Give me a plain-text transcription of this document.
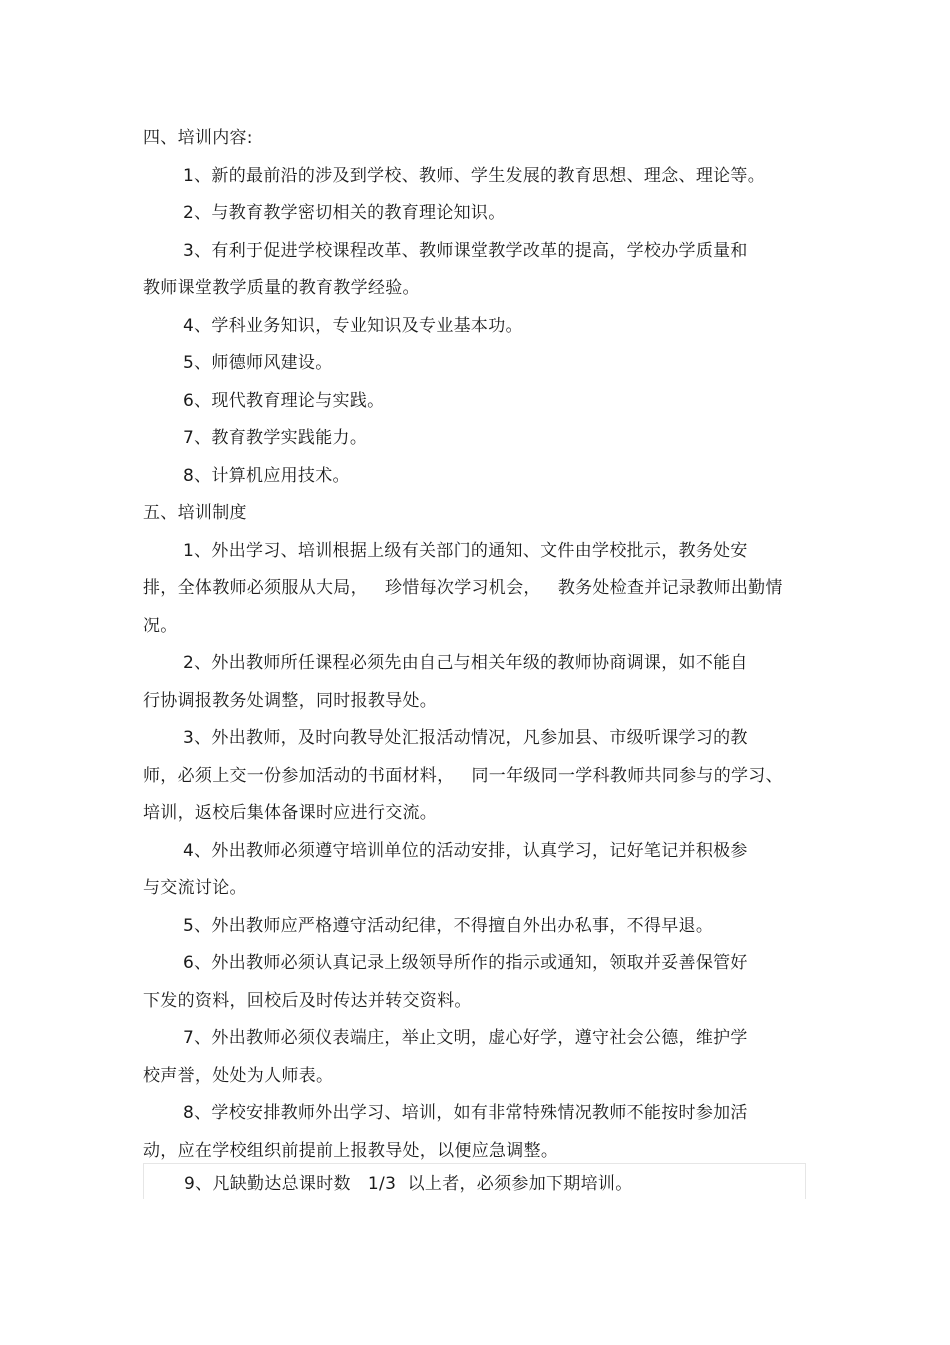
四、培训内容:

1、新的最前沿的涉及到学校、教师、学生发展的教育思想、理念、理论等。

2、与教育教学密切相关的教育理论知识。

3、有利于促进学校课程改革、教师课堂教学改革的提高，学校办学质量和

教师课堂教学质量的教育教学经验。

4、学科业务知识，专业知识及专业基本功。

5、师德师风建设。

6、现代教育理论与实践。

7、教育教学实践能力。

8、计算机应用技术。

五、培训制度

1、外出学习、培训根据上级有关部门的通知、文件由学校批示，教务处安

排，全体教师必须服从大局，   珍惜每次学习机会，   教务处检查并记录教师出勤情

况。

2、外出教师所任课程必须先由自己与相关年级的教师协商调课，如不能自

行协调报教务处调整，同时报教导处。

3、外出教师，及时向教导处汇报活动情况，凡参加县、市级听课学习的教

师，必须上交一份参加活动的书面材料，   同一年级同一学科教师共同参与的学习、

培训，返校后集体备课时应进行交流。

4、外出教师必须遵守培训单位的活动安排，认真学习，记好笔记并积极参

与交流讨论。

5、外出教师应严格遵守活动纪律，不得擅自外出办私事，不得早退。

6、外出教师必须认真记录上级领导所作的指示或通知，领取并妥善保管好

下发的资料，回校后及时传达并转交资料。

7、外出教师必须仪表端庄，举止文明，虚心好学，遵守社会公德，维护学

校声誉，处处为人师表。

8、学校安排教师外出学习、培训，如有非常特殊情况教师不能按时参加活

动，应在学校组织前提前上报教导处，以便应急调整。

9、凡缺勤达总课时数   1/3  以上者，必须参加下期培训。
